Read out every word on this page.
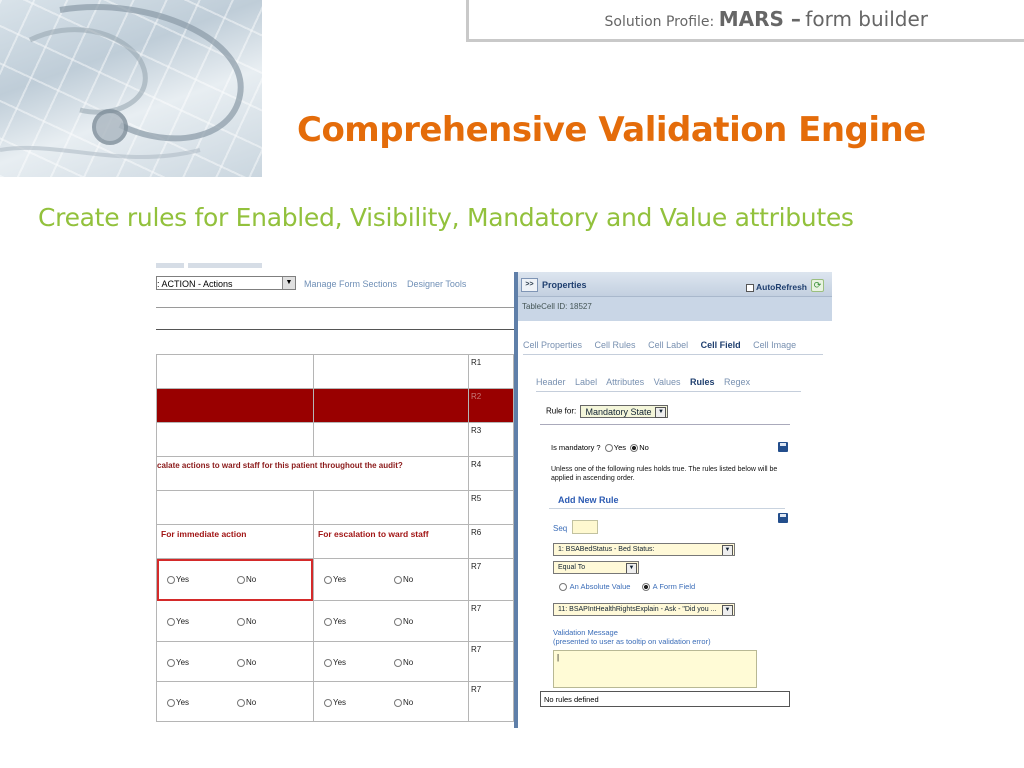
Solution Profile: MARS – form builder
Comprehensive Validation Engine
Create rules for Enabled, Visibility, Mandatory and Value attributes
: ACTION - Actions	▼ Manage Form Sections Designer Tools
		R1
		R2
		R3

calate actions to ward staff for this patient throughout the audit?		R4
		R5

For immediate action	For escalation to ward staff	R6

Yes No	Yes No	R7

Yes No	Yes No	R7

Yes No	Yes No	R7

Yes No	Yes No	R7
>> Properties	AutoRefresh ⟳
TableCell ID: 18527
Cell Properties Cell Rules Cell Label Cell Field Cell Image
Header Label Attributes Values Rules Regex
Rule for: Mandatory State	▼
Is mandatory ? Yes No
Unless one of the following rules holds true. The rules listed below will be applied in ascending order.
Add New Rule
Seq
1: BSABedStatus - Bed Status:	▼
Equal To	▼
An Absolute Value	A Form Field
11: BSAPIntHealthRightsExplain - Ask - "Did you ...	▼
Validation Message
(presented to user as tooltip on validation error)
|
No rules defined
